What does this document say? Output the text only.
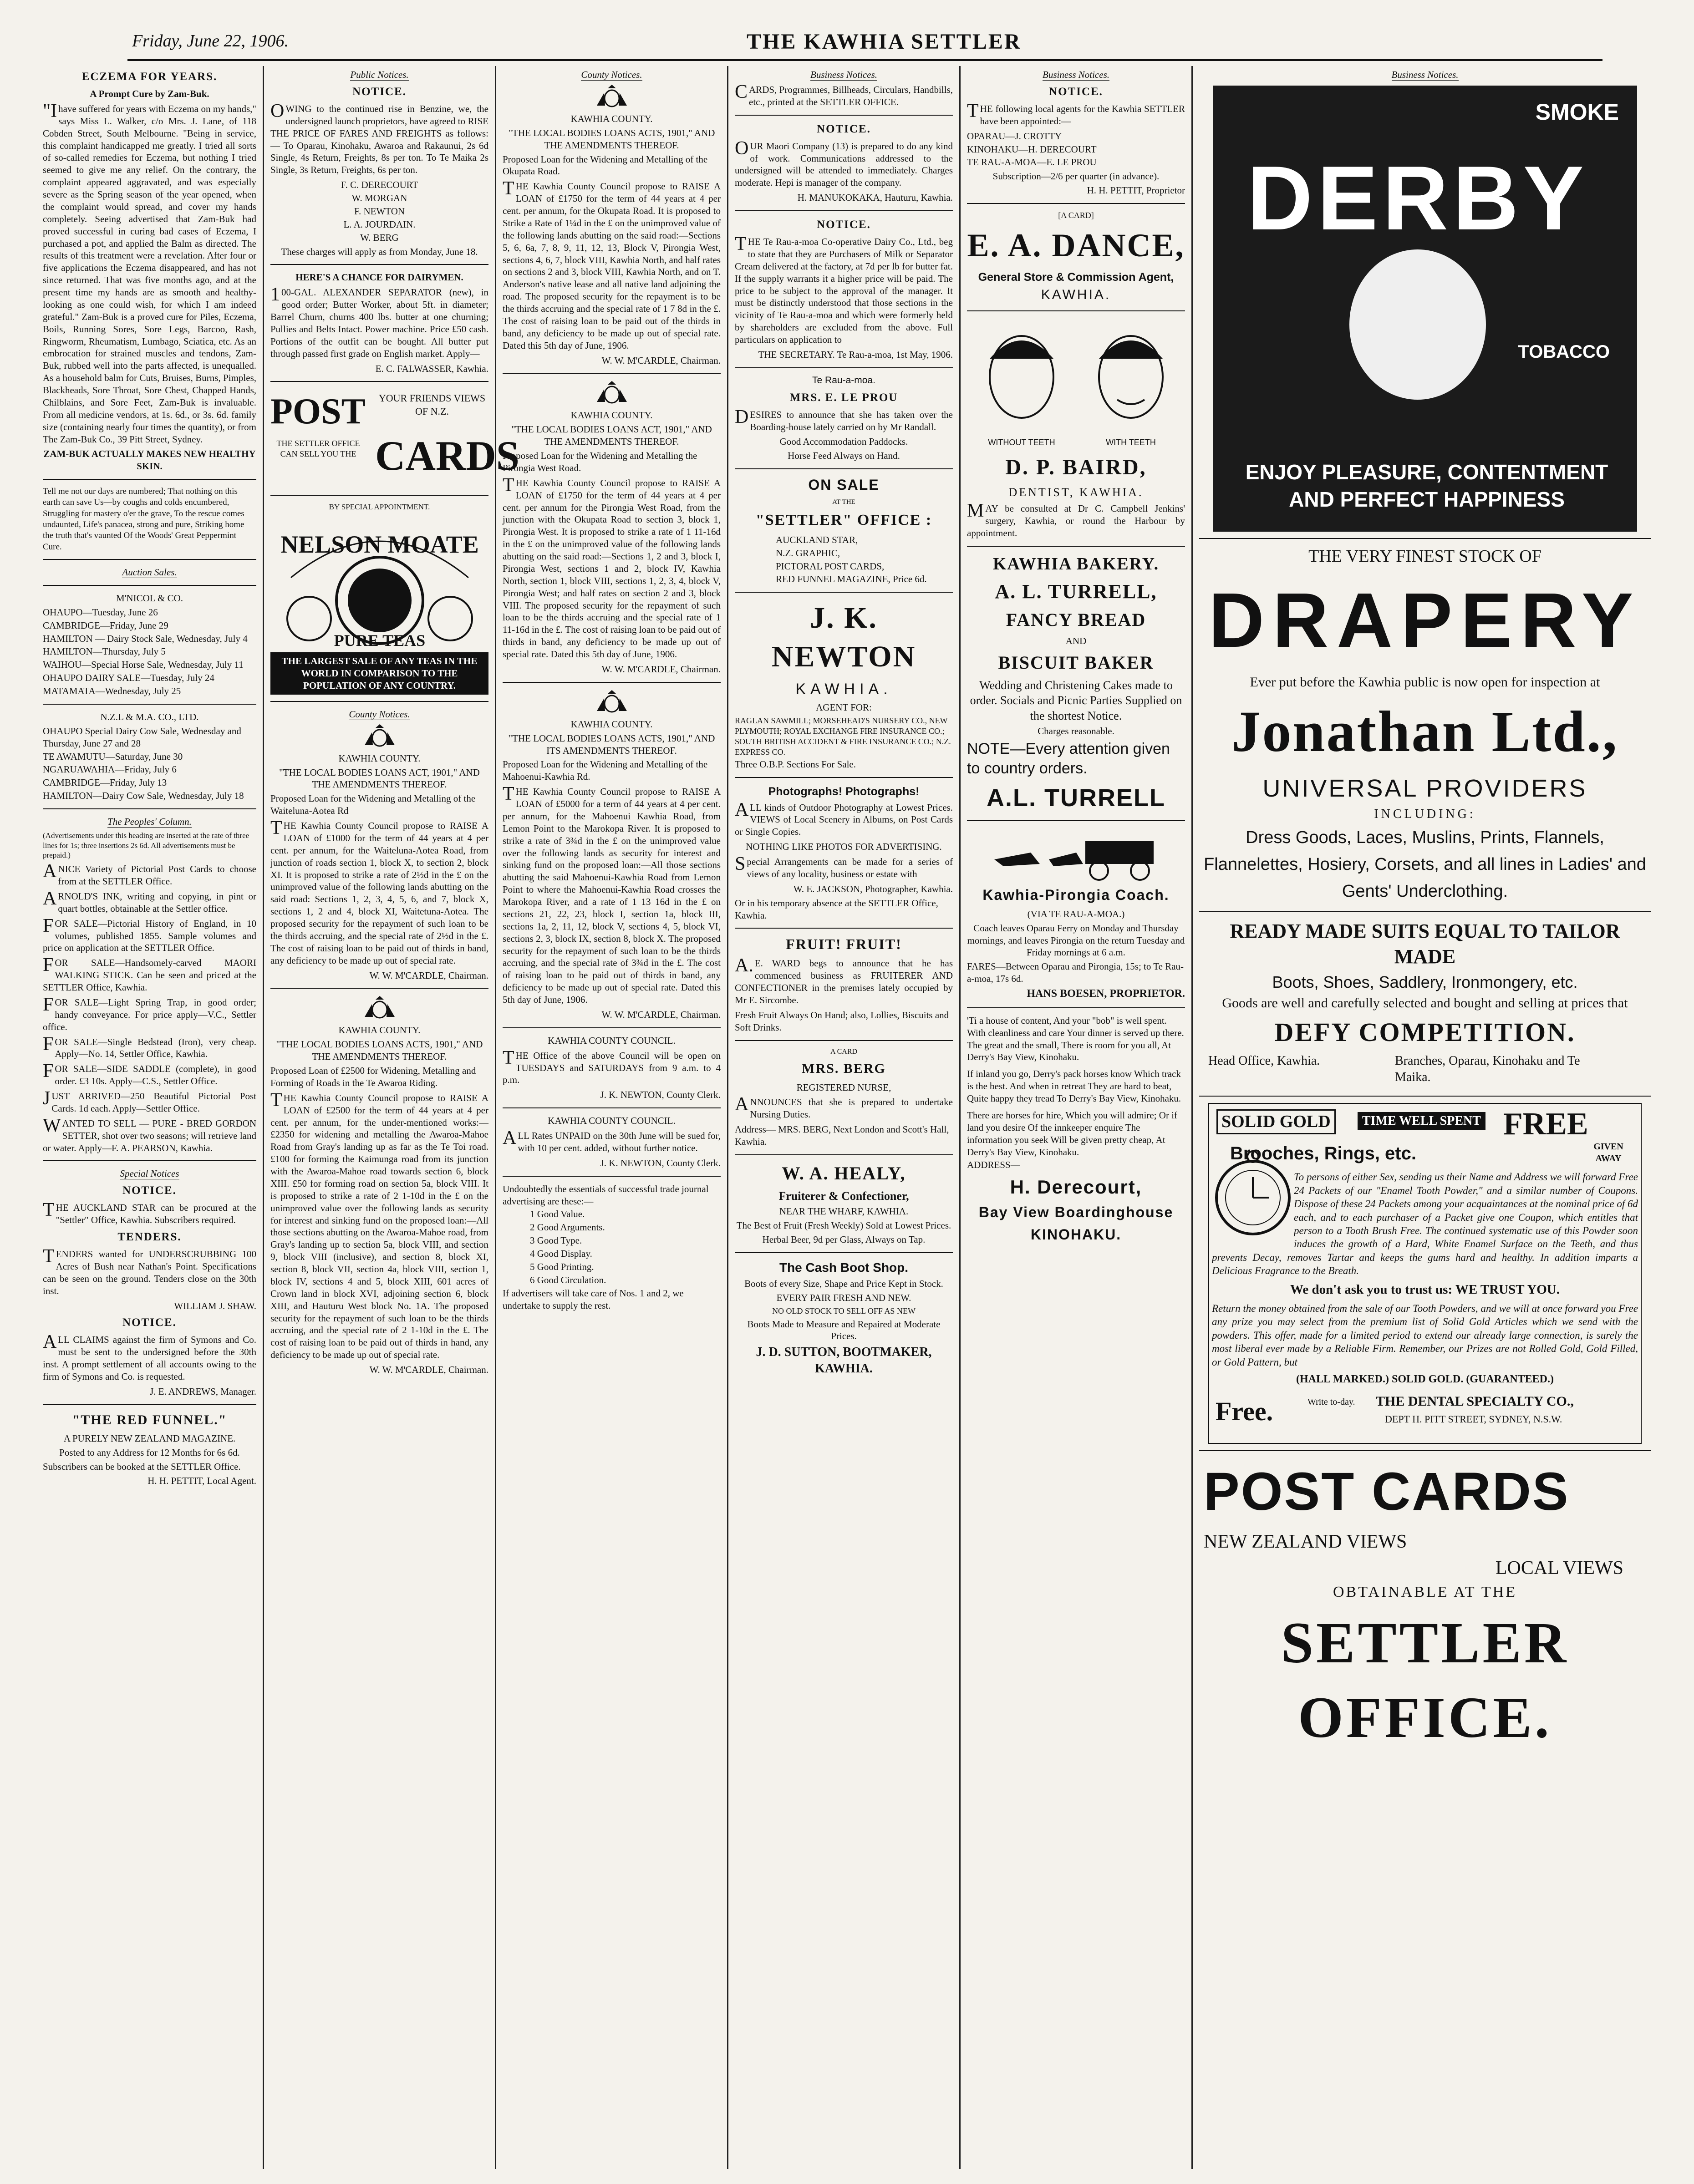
Friday, June 22, 1906.	THE KAWHIA SETTLER
ECZEMA FOR YEARS.
A Prompt Cure by Zam-Buk.
"Ihave suffered for years with Eczema on my hands," says Miss L. Walker, c/o Mrs. J. Lane, of 118 Cobden Street, South Melbourne. "Being in service, this complaint handicapped me greatly. I tried all sorts of so-called remedies for Eczema, but nothing I tried seemed to give me any relief. On the contrary, the complaint appeared aggravated, and was especially severe as the Spring season of the year opened, when the complaint would spread, and cover my hands completely. Seeing advertised that Zam-Buk had proved successful in curing bad cases of Eczema, I purchased a pot, and applied the Balm as directed. The results of this treatment were a revelation. After four or five applications the Eczema disappeared, and has not since returned. That was five months ago, and at the present time my hands are as smooth and healthy-looking as one could wish, for which I am indeed grateful." Zam-Buk is a proved cure for Piles, Eczema, Boils, Running Sores, Sore Legs, Barcoo, Rash, Ringworm, Rheumatism, Lumbago, Sciatica, etc. As an embrocation for strained muscles and tendons, Zam-Buk, rubbed well into the parts affected, is unequalled. As a household balm for Cuts, Bruises, Burns, Pimples, Blackheads, Sore Throat, Sore Chest, Chapped Hands, Chilblains, and Sore Feet, Zam-Buk is invaluable. From all medicine vendors, at 1s. 6d., or 3s. 6d. family size (containing nearly four times the quantity), or from The Zam-Buk Co., 39 Pitt Street, Sydney.
ZAM-BUK ACTUALLY MAKES NEW HEALTHY SKIN.
Tell me not our days are numbered; That nothing on this earth can save Us—by coughs and colds encumbered, Struggling for mastery o'er the grave, To the rescue comes undaunted, Life's panacea, strong and pure, Striking home the truth that's vaunted Of the Woods' Great Peppermint Cure.
Auction Sales.
M'NICOL & CO.
OHAUPO—Tuesday, June 26
CAMBRIDGE—Friday, June 29
HAMILTON — Dairy Stock Sale, Wednesday, July 4
HAMILTON—Thursday, July 5
WAIHOU—Special Horse Sale, Wednesday, July 11
OHAUPO DAIRY SALE—Tuesday, July 24
MATAMATA—Wednesday, July 25
N.Z.L & M.A. CO., LTD.
OHAUPO Special Dairy Cow Sale, Wednesday and Thursday, June 27 and 28
TE AWAMUTU—Saturday, June 30
NGARUAWAHIA—Friday, July 6
CAMBRIDGE—Friday, July 13
HAMILTON—Dairy Cow Sale, Wednesday, July 18
The Peoples' Column.
(Advertisements under this heading are inserted at the rate of three lines for 1s; three insertions 2s 6d. All advertisements must be prepaid.)
ANICE Variety of Pictorial Post Cards to choose from at the SETTLER Office.
ARNOLD'S INK, writing and copying, in pint or quart bottles, obtainable at the Settler office.
FOR SALE—Pictorial History of England, in 10 volumes, published 1855. Sample volumes and price on application at the SETTLER Office.
FOR SALE—Handsomely-carved MAORI WALKING STICK. Can be seen and priced at the SETTLER Office, Kawhia.
FOR SALE—Light Spring Trap, in good order; handy conveyance. For price apply—V.C., Settler office.
FOR SALE—Single Bedstead (Iron), very cheap. Apply—No. 14, Settler Office, Kawhia.
FOR SALE—SIDE SADDLE (complete), in good order. £3 10s. Apply—C.S., Settler Office.
JUST ARRIVED—250 Beautiful Pictorial Post Cards. 1d each. Apply—Settler Office.
WANTED TO SELL — PURE - BRED GORDON SETTER, shot over two seasons; will retrieve land or water. Apply—F. A. PEARSON, Kawhia.
Special Notices
NOTICE.
THE AUCKLAND STAR can be procured at the "Settler" Office, Kawhia. Subscribers required.
TENDERS.
TENDERS wanted for UNDERSCRUBBING 100 Acres of Bush near Nathan's Point. Specifications can be seen on the ground. Tenders close on the 30th inst.
WILLIAM J. SHAW.
NOTICE.
ALL CLAIMS against the firm of Symons and Co. must be sent to the undersigned before the 30th inst. A prompt settlement of all accounts owing to the firm of Symons and Co. is requested.
J. E. ANDREWS, Manager.
"THE RED FUNNEL."
A PURELY NEW ZEALAND MAGAZINE.
Posted to any Address for 12 Months for 6s 6d.
Subscribers can be booked at the SETTLER Office.
H. H. PETTIT, Local Agent.
Public Notices.
NOTICE.
OWING to the continued rise in Benzine, we, the undersigned launch proprietors, have agreed to RISE THE PRICE OF FARES AND FREIGHTS as follows:— To Oparau, Kinohaku, Awaroa and Rakaunui, 2s 6d Single, 4s Return, Freights, 8s per ton. To Te Maika 2s Single, 3s Return, Freights, 6s per ton.
F. C. DERECOURT
W. MORGAN
F. NEWTON
L. A. JOURDAIN.
W. BERG
These charges will apply as from Monday, June 18.
HERE'S A CHANCE FOR DAIRYMEN.
100-GAL. ALEXANDER SEPARATOR (new), in good order; Butter Worker, about 5ft. in diameter; Barrel Churn, churns 400 lbs. butter at one churning; Pullies and Belts Intact. Power machine. Price £50 cash. Portions of the outfit can be bought. All butter put through passed first grade on English market. Apply—
E. C. FALWASSER, Kawhia.
POST	YOUR FRIENDS VIEWS OF N.Z.
THE SETTLER OFFICE CAN SELL YOU THE CARDS
BY SPECIAL APPOINTMENT.
NELSON MOATE
PURE TEAS
THE LARGEST SALE OF ANY TEAS IN THE WORLD IN COMPARISON TO THE POPULATION OF ANY COUNTRY.
County Notices.
KAWHIA COUNTY.
"THE LOCAL BODIES LOANS ACT, 1901," AND THE AMENDMENTS THEREOF.
Proposed Loan for the Widening and Metalling of the Waiteluna-Aotea Rd
THE Kawhia County Council propose to RAISE A LOAN of £1000 for the term of 44 years at 4 per cent. per annum, for the Waiteluna-Aotea Road, from junction of roads section 1, block X, to section 2, block XI. It is proposed to strike a rate of 2½d in the £ on the unimproved value of the following lands abutting on the said road: Sections 1, 2, 3, 4, 5, 6, and 7, block X, sections 1, 2 and 4, block XI, Waitetuna-Aotea. The proposed security for the repayment of such loan to be the thirds accruing, and the special rate of 2½d in the £. The cost of raising loan to be paid out of thirds in band, any deficiency to be made up out of special rate.
W. W. M'CARDLE, Chairman.
KAWHIA COUNTY.
"THE LOCAL BODIES LOANS ACTS, 1901," AND THE AMENDMENTS THEREOF.
Proposed Loan of £2500 for Widening, Metalling and Forming of Roads in the Te Awaroa Riding.
THE Kawhia County Council propose to RAISE A LOAN of £2500 for the term of 44 years at 4 per cent. per annum, for the under-mentioned works:—£2350 for widening and metalling the Awaroa-Mahoe Road from Gray's landing up as far as the Te Toi road. £100 for forming the Kaimunga road from its junction with the Awaroa-Mahoe road towards section 6, block XIII. £50 for forming road on section 5a, block VIII. It is proposed to strike a rate of 2 1-10d in the £ on the unimproved value over the following lands as security for interest and sinking fund on the proposed loan:—All those sections abutting on the Awaroa-Mahoe road, from Gray's landing up to section 5a, block VIII, and section 9, block VIII (inclusive), and section 8, block XI, section 8, block VII, section 4a, block VIII, section 1, block IV, sections 4 and 5, block XIII, 601 acres of Crown land in block XVI, adjoining section 6, block XIII, and Hauturu West block No. 1A. The proposed security for the repayment of such loan to be the thirds accruing, and the special rate of 2 1-10d in the £. The cost of raising loan to be paid out of thirds in hand, any deficiency to be made up out of special rate.
W. W. M'CARDLE, Chairman.
County Notices.
KAWHIA COUNTY.
"THE LOCAL BODIES LOANS ACTS, 1901," AND THE AMENDMENTS THEREOF.
Proposed Loan for the Widening and Metalling of the Okupata Road.
THE Kawhia County Council propose to RAISE A LOAN of £1750 for the term of 44 years at 4 per cent. per annum, for the Okupata Road. It is proposed to Strike a Rate of 1¼d in the £ on the unimproved value of the following lands abutting on the said road:—Sections 5, 6, 6a, 7, 8, 9, 11, 12, 13, Block V, Pirongia West, sections 4, 6, 7, block VIII, Kawhia North, and half rates on sections 2 and 3, block VIII, Kawhia North, and on T. Anderson's native lease and all native land adjoining the road. The proposed security for the repayment is to be the thirds accruing and the special rate of 1 7 8d in the £. The cost of raising loan to be paid out of the thirds in band, any deficiency to be made up out of special rate. Dated this 5th day of June, 1906.
W. W. M'CARDLE, Chairman.
KAWHIA COUNTY.
"THE LOCAL BODIES LOANS ACT, 1901," AND THE AMENDMENTS THEREOF.
Proposed Loan for the Widening and Metalling the Pirongia West Road.
THE Kawhia County Council propose to RAISE A LOAN of £1750 for the term of 44 years at 4 per cent. per annum for the Pirongia West Road, from the junction with the Okupata Road to section 3, block 1, Pirongia West. It is proposed to strike a rate of 1 11-16d in the £ on the unimproved value of the following lands abutting on the said road:—Sections 1, 2 and 3, block I, Pirongia West, sections 1 and 2, block IV, Kawhia North, section 1, block VIII, sections 1, 2, 3, 4, block V, Pirongia West; and half rates on section 2 and 3, block VIII. The proposed security for the repayment of such loan to be the thirds accruing and the special rate of 1 11-16d in the £. The cost of raising loan to be paid out of thirds in band, any deficiency to be made up out of special rate. Dated this 5th day of June, 1906.
W. W. M'CARDLE, Chairman.
KAWHIA COUNTY.
"THE LOCAL BODIES LOANS ACTS, 1901," AND ITS AMENDMENTS THEREOF.
Proposed Loan for the Widening and Metalling of the Mahoenui-Kawhia Rd.
THE Kawhia County Council propose to RAISE A LOAN of £5000 for a term of 44 years at 4 per cent. per annum, for the Mahoenui Kawhia Road, from Lemon Point to the Marokopa River. It is proposed to strike a rate of 3¾d in the £ on the unimproved value over the following lands as security for interest and sinking fund on the proposed loan:—All those sections abutting the said Mahoenui-Kawhia Road from Lemon Point to where the Mahoenui-Kawhia Road crosses the Marokopa River, and a rate of 1 13 16d in the £ on sections 21, 22, 23, block I, section 1a, block III, sections 1a, 2, 11, 12, block V, sections 4, 5, block VI, sections 2, 3, block IX, section 8, block X. The proposed security for the repayment of such loan to be the thirds accruing, and the special rate of 3¾d in the £. The cost of raising loan to be paid out of thirds in band, any deficiency to be made up out of special rate. Dated this 5th day of June, 1906.
W. W. M'CARDLE, Chairman.
KAWHIA COUNTY COUNCIL.
THE Office of the above Council will be open on TUESDAYS and SATURDAYS from 9 a.m. to 4 p.m.
J. K. NEWTON, County Clerk.
KAWHIA COUNTY COUNCIL.
ALL Rates UNPAID on the 30th June will be sued for, with 10 per cent. added, without further notice.
J. K. NEWTON, County Clerk.
Undoubtedly the essentials of successful trade journal advertising are these:—
1 Good Value.
2 Good Arguments.
3 Good Type.
4 Good Display.
5 Good Printing.
6 Good Circulation.
If advertisers will take care of Nos. 1 and 2, we undertake to supply the rest.
Business Notices.
CARDS, Programmes, Billheads, Circulars, Handbills, etc., printed at the SETTLER OFFICE.
NOTICE.
OUR Maori Company (13) is prepared to do any kind of work. Communications addressed to the undersigned will be attended to immediately. Charges moderate. Hepi is manager of the company.
H. MANUKOKAKA, Hauturu, Kawhia.
NOTICE.
THE Te Rau-a-moa Co-operative Dairy Co., Ltd., beg to state that they are Purchasers of Milk or Separator Cream delivered at the factory, at 7d per lb for butter fat. If the supply warrants it a higher price will be paid. The price to be subject to the approval of the manager. It must be distinctly understood that those sections in the vicinity of Te Rau-a-moa and which were formerly held by shareholders are excluded from the above. Full particulars on application to
THE SECRETARY. Te Rau-a-moa, 1st May, 1906.
Te Rau-a-moa.
MRS. E. LE PROU
DESIRES to announce that she has taken over the Boarding-house lately carried on by Mr Randall.
Good Accommodation Paddocks.
Horse Feed Always on Hand.
ON SALE
AT THE
"SETTLER" OFFICE :
AUCKLAND STAR,
N.Z. GRAPHIC,
PICTORAL POST CARDS,
RED FUNNEL MAGAZINE, Price 6d.
J. K. NEWTON
KAWHIA.
AGENT FOR:
RAGLAN SAWMILL; MORSEHEAD'S NURSERY CO., NEW PLYMOUTH; ROYAL EXCHANGE FIRE INSURANCE CO.; SOUTH BRITISH ACCIDENT & FIRE INSURANCE CO.; N.Z. EXPRESS CO.
Three O.B.P. Sections For Sale.
Photographs! Photographs!
ALL kinds of Outdoor Photography at Lowest Prices. VIEWS of Local Scenery in Albums, on Post Cards or Single Copies.
NOTHING LIKE PHOTOS FOR ADVERTISING.
Special Arrangements can be made for a series of views of any locality, business or estate with
W. E. JACKSON, Photographer, Kawhia.
Or in his temporary absence at the SETTLER Office, Kawhia.
FRUIT! FRUIT!
A.E. WARD begs to announce that he has commenced business as FRUITERER AND CONFECTIONER in the premises lately occupied by Mr E. Sircombe.
Fresh Fruit Always On Hand; also, Lollies, Biscuits and Soft Drinks.
A CARD
MRS. BERG
REGISTERED NURSE,
ANNOUNCES that she is prepared to undertake Nursing Duties.
Address— MRS. BERG, Next London and Scott's Hall, Kawhia.
W. A. HEALY,
Fruiterer & Confectioner,
NEAR THE WHARF, KAWHIA.
The Best of Fruit (Fresh Weekly) Sold at Lowest Prices.
Herbal Beer, 9d per Glass, Always on Tap.
The Cash Boot Shop.
Boots of every Size, Shape and Price Kept in Stock.
EVERY PAIR FRESH AND NEW.
NO OLD STOCK TO SELL OFF AS NEW
Boots Made to Measure and Repaired at Moderate Prices.
J. D. SUTTON, BOOTMAKER, KAWHIA.
Business Notices.
NOTICE.
THE following local agents for the Kawhia SETTLER have been appointed:—
OPARAU—J. CROTTY
KINOHAKU—H. DERECOURT
TE RAU-A-MOA—E. LE PROU
Subscription—2/6 per quarter (in advance).
H. H. PETTIT, Proprietor
[A CARD]
E. A. DANCE,
General Store & Commission Agent,
KAWHIA.
WITHOUT TEETH	WITH TEETH
D. P. BAIRD,
DENTIST, KAWHIA.
MAY be consulted at Dr C. Campbell Jenkins' surgery, Kawhia, or round the Harbour by appointment.
KAWHIA BAKERY.
A. L. TURRELL,
FANCY BREAD
AND
BISCUIT BAKER
Wedding and Christening Cakes made to order. Socials and Picnic Parties Supplied on the shortest Notice.
Charges reasonable.
NOTE—Every attention given to country orders.
A.L. TURRELL
Kawhia-Pirongia Coach.
(VIA TE RAU-A-MOA.)
Coach leaves Oparau Ferry on Monday and Thursday mornings, and leaves Pirongia on the return Tuesday and Friday mornings at 6 a.m.
FARES—Between Oparau and Pirongia, 15s; to Te Rau-a-moa, 17s 6d.
HANS BOESEN, PROPRIETOR.
'Ti a house of content, And your "bob" is well spent. With cleanliness and care Your dinner is served up there. The great and the small, There is room for you all, At Derry's Bay View, Kinohaku.
If inland you go, Derry's pack horses know Which track is the best. And when in retreat They are hard to beat, Quite happy they tread To Derry's Bay View, Kinohaku.
There are horses for hire, Which you will admire; Or if land you desire Of the innkeeper enquire The information you seek Will be given pretty cheap, At Derry's Bay View, Kinohaku.
ADDRESS—
H. Derecourt,
Bay View Boardinghouse
KINOHAKU.
Business Notices.
SMOKE
DERBY
TOBACCO
ENJOY PLEASURE, CONTENTMENT AND PERFECT HAPPINESS
THE VERY FINEST STOCK OF
DRAPERY
Ever put before the Kawhia public is now open for inspection at
Jonathan Ltd.,
UNIVERSAL PROVIDERS
INCLUDING:
Dress Goods, Laces, Muslins, Prints, Flannels, Flannelettes, Hosiery, Corsets, and all lines in Ladies' and Gents' Underclothing.
READY MADE SUITS EQUAL TO TAILOR MADE
Boots, Shoes, Saddlery, Ironmongery, etc.
Goods are well and carefully selected and bought and selling at prices that
DEFY COMPETITION.
Head Office, Kawhia.	Branches, Oparau, Kinohaku and Te Maika.
SOLID GOLD	TIME WELL SPENT FREE
Brooches, Rings, etc.	GIVEN AWAY
To persons of either Sex, sending us their Name and Address we will forward Free 24 Packets of our "Enamel Tooth Powder," and a similar number of Coupons. Dispose of these 24 Packets among your acquaintances at the nominal price of 6d each, and to each purchaser of a Packet give one Coupon, which entitles that person to a Tooth Brush Free. The continued systematic use of this Powder soon induces the growth of a Hard, White Enamel Surface on the Teeth, and thus prevents Decay, removes Tartar and keeps the gums hard and healthy. In addition imparts a Delicious Fragrance to the Breath.
We don't ask you to trust us: WE TRUST YOU.
Return the money obtained from the sale of our Tooth Powders, and we will at once forward you Free any prize you may select from the premium list of Solid Gold Articles which we send with the powders. This offer, made for a limited period to extend our already large connection, is surely the most liberal ever made by a Reliable Firm. Remember, our Prizes are not Rolled Gold, Gold Filled, or Gold Pattern, but
(HALL MARKED.) SOLID GOLD. (GUARANTEED.)
Free.	Write to-day. THE DENTAL SPECIALTY CO.,
DEPT H. PITT STREET, SYDNEY, N.S.W.
POST CARDS
NEW ZEALAND VIEWS
LOCAL VIEWS
OBTAINABLE AT THE
SETTLER OFFICE.
